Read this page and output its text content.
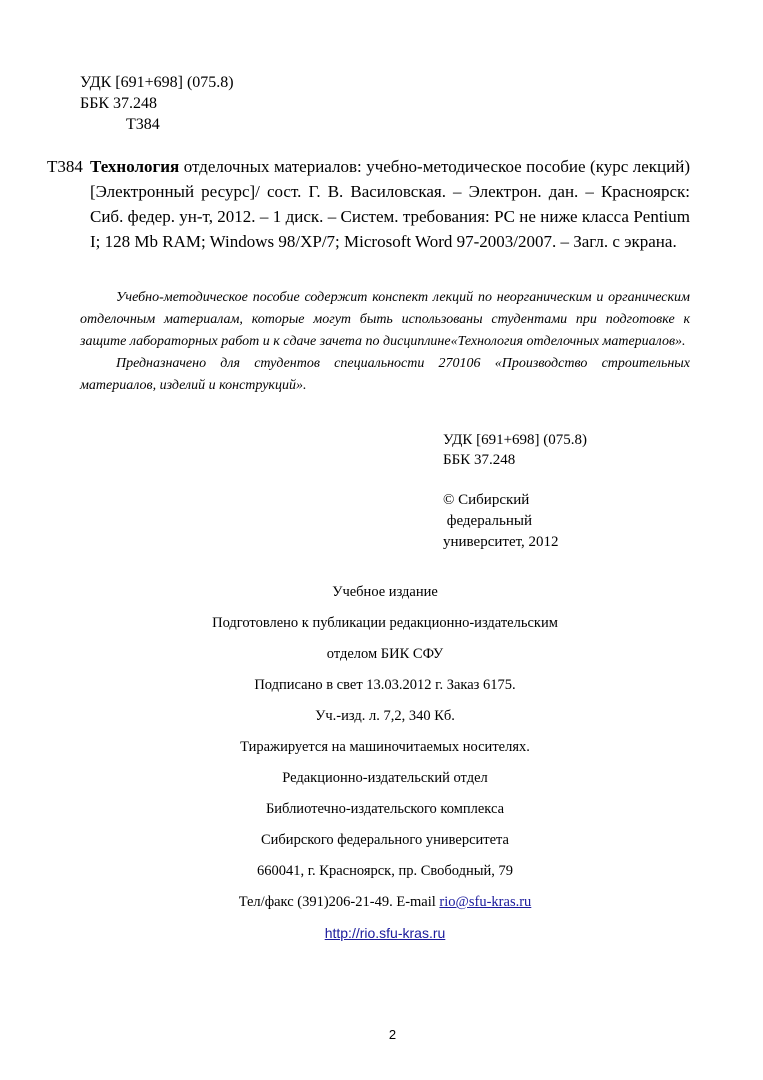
УДК [691+698] (075.8)
ББК 37.248
Т384
Т384 Технология отделочных материалов: учебно-методическое пособие (курс лекций) [Электронный ресурс]/ сост. Г. В. Василовская. – Электрон. дан. – Красноярск: Сиб. федер. ун-т, 2012. – 1 диск. – Систем. требования: PC не ниже класса Pentium I; 128 Mb RAM; Windows 98/XP/7; Microsoft Word 97-2003/2007. – Загл. с экрана.

Учебно-методическое пособие содержит конспект лекций по неорганическим и органическим отделочным материалам, которые могут быть использованы студентами при подготовке к защите лабораторных работ и к сдаче зачета по дисциплине«Технология отделочных материалов».

Предназначено для студентов специальности 270106 «Производство строительных материалов, изделий и конструкций».

УДК [691+698] (075.8)
ББК 37.248
© Сибирский
федеральный
университет, 2012
Учебное издание
Подготовлено к публикации редакционно-издательским
отделом БИК СФУ
Подписано в свет 13.03.2012 г. Заказ 6175.
Уч.-изд. л. 7,2, 340 Кб.
Тиражируется на машиночитаемых носителях.
Редакционно-издательский отдел
Библиотечно-издательского комплекса
Сибирского федерального университета
660041, г. Красноярск, пр. Свободный, 79
Тел/факс (391)206-21-49. E-mail rio@sfu-kras.ru
http://rio.sfu-kras.ru
2
